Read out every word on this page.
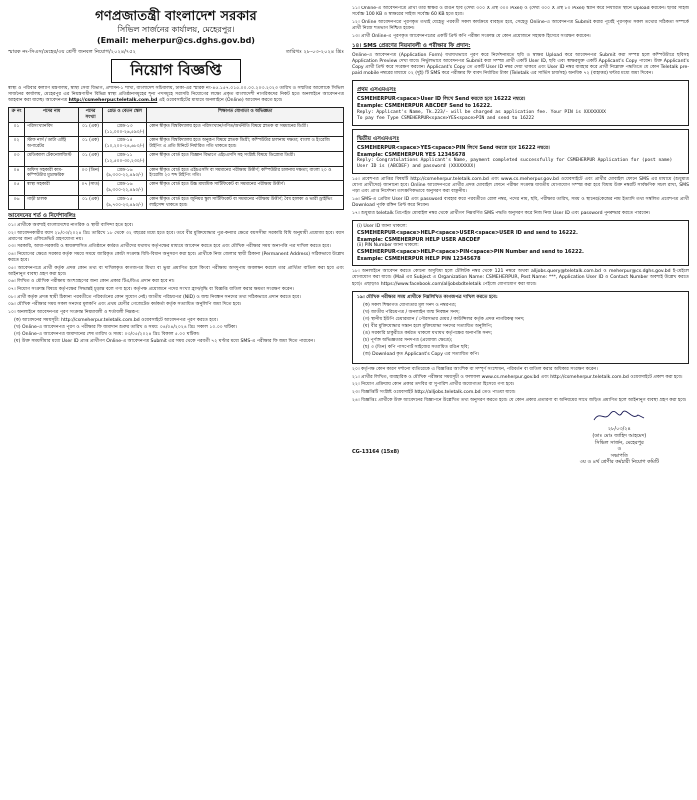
গণপ্রজাতন্ত্রী বাংলাদেশ সরকার
সিভিল সার্জনের কার্যালয়, মেহেরপুর।
(Email: meherpur@cs.dghs.gov.bd)
স্মারক নং-সিএস/মেহের/৩য় শ্রেণী জনবল নিয়োগ/২০২৪/৭৫২	তারিখঃ ২৮-০৩-২০২৪ খ্রিঃ
নিয়োগ বিজ্ঞপ্তি

স্বাস্থ্য ও পরিবার কল্যাণ মন্ত্রণালয়, স্বাস্থ্য সেবা বিভাগ, প্রশাসন-১ শাখা, বাংলাদেশ সচিবালয়, ঢাকা-এর স্মারক নং-৪৫.১৫৭.০১৫.০০.০০.২০৩.২০২৩ তারিখ ও সম্মতির আলোকে সিভিল সার্জনের কার্যালয়, মেহেরপুর এর নিয়ন্ত্রণাধীন বিভিন্ন স্বাস্থ্য প্রতিষ্ঠানসমূহের শূন্য পদসমূহে সরাসরি নিয়োগের লক্ষ্যে প্রকৃত বাংলাদেশী নাগরিকদের নিকট হতে অনলাইনে আবেদনপত্র আহবান করা যাচ্ছে। আবেদনপত্র http://csmeherpur.teletalk.com.bd এই ওয়েবসাইটের মাধ্যমে অনলাইনে (Online) আবেদন করতে হবে।

ক্র নং	পদের নাম	পদের সংখ্যা	গ্রেড ও বেতন স্কেল	শিক্ষাগত যোগ্যতা ও অভিজ্ঞতা
০১	পরিসংখ্যানবিদ	০১ (এক)	গ্রেড-১৩ (১১,০০০-২৬,৫৯০/-)	কোন স্বীকৃত বিশ্ববিদ্যালয় হতে পরিসংখ্যান/গণিত/অর্থনীতি বিষয়ে স্নাতক বা সমমানের ডিগ্রী।
০২	স্টাফ নার্স / ডাটা এন্ট্রি অপারেটর	০১ (এক)	গ্রেড-১৪ (১০,২০০-২৪,৬৮০/-)	কোন স্বীকৃত বিশ্ববিদ্যালয় হতে অনুরূপ বিষয়ে স্নাতক ডিগ্রী; কম্পিউটার চালনায় দক্ষতা; বাংলা ও ইংরেজি টাইপিং এ প্রতি মিনিটে নির্ধারিত গতি থাকতে হবে।
০৩	মেডিক্যাল টেকনোলজিস্ট	০১ (এক)	গ্রেড-১১ (১২,৫০০-৩০,২৩০/-)	কোন স্বীকৃত বোর্ড হতে বিজ্ঞান বিভাগে এইচএসসি সহ সংশ্লিষ্ট বিষয়ে ডিপ্লোমা ডিগ্রী।
০৪	অফিস সহকারী কাম-কম্পিউটার মুদ্রাক্ষরিক	০৩ (তিন)	গ্রেড-১৬ (৯,৩০০-২২,৪৯০/-)	কোন স্বীকৃত বোর্ড হতে এইচএসসি বা সমমানের পরীক্ষায় উত্তীর্ণ; কম্পিউটার চালনায় দক্ষতা; বাংলা ২০ ও ইংরেজি ২০ শব্দ টাইপিং গতি।
০৫	স্বাস্থ্য সহকারী	০৭ (সাত)	গ্রেড-১৬ (৯,৩০০-২২,৪৯০/-)	কোন স্বীকৃত বোর্ড হতে উচ্চ মাধ্যমিক সার্টিফিকেট বা সমমানের পরীক্ষায় উত্তীর্ণ।
০৬	গাড়ী চালক	০১ (এক)	গ্রেড-১৫ (৯,৭০০-২৩,৪৯০/-)	কোন স্বীকৃত বোর্ড হতে জুনিয়র স্কুল সার্টিফিকেট বা সমমানের পরীক্ষায় উত্তীর্ণ; বৈধ হালকা ও ভারী ড্রাইভিং লাইসেন্স থাকতে হবে।
আবেদনের শর্ত ও নির্দেশাবলিঃ

০১। প্রার্থীকে অবশ্যই বাংলাদেশের নাগরিক ও স্থায়ী বাসিন্দা হতে হবে।

০২। আবেদনকারীর বয়স ২৮/০৩/২০২৪ খ্রিঃ তারিখে ১৮ থেকে ৩২ বছরের মধ্যে হতে হবে। তবে বীর মুক্তিযোদ্ধার পুত্র-কন্যার ক্ষেত্রে বয়সসীমা সরকারি বিধি অনুযায়ী প্রযোজ্য হবে। বয়স প্রমাণের জন্য এফিডেভিট গ্রহণযোগ্য নয়।

০৩। সরকারি, আধা-সরকারি ও স্বায়ত্তশাসিত প্রতিষ্ঠানে কর্মরত প্রার্থীদের যথাযথ কর্তৃপক্ষের মাধ্যমে আবেদন করতে হবে এবং মৌখিক পরীক্ষার সময় অনাপত্তি পত্র দাখিল করতে হবে।

০৪। নিয়োগের ক্ষেত্রে সরকার কর্তৃক সময়ে সময়ে জারিকৃত কোটা সংক্রান্ত বিধি-বিধান অনুসরণ করা হবে। প্রার্থীকে নিজ জেলার স্থায়ী ঠিকানা (Permanent Address) সঠিকভাবে উল্লেখ করতে হবে।

০৫। আবেদনপত্রে প্রার্থী কর্তৃক প্রদত্ত কোন তথ্য বা দাখিলকৃত কাগজপত্র মিথ্যা বা ভুয়া প্রমাণিত হলে কিংবা পরীক্ষায় অসদুপায় অবলম্বন করলে তার প্রার্থিতা বাতিল করা হবে এবং আইনানুগ ব্যবস্থা গ্রহণ করা হবে।

০৬। লিখিত ও মৌখিক পরীক্ষায় অংশগ্রহণের জন্য কোন প্রকার টিএ/ডিএ প্রদান করা হবে না।

০৭। নিয়োগ সংক্রান্ত বিষয়ে কর্তৃপক্ষের সিদ্ধান্তই চূড়ান্ত বলে গণ্য হবে। কর্তৃপক্ষ প্রয়োজনে পদের সংখ্যা হ্রাস/বৃদ্ধি বা বিজ্ঞপ্তি বাতিল করার ক্ষমতা সংরক্ষণ করেন।

০৮। প্রার্থী কর্তৃক প্রদত্ত স্থায়ী ঠিকানা পরবর্তীতে পরিবর্তনের কোন সুযোগ নেই। জাতীয় পরিচয়পত্র (NID) ও জন্ম নিবন্ধন সনদের তথ্য সঠিকভাবে প্রদান করতে হবে।

০৯। মৌখিক পরীক্ষার সময় সকল সনদের মূলকপি এবং প্রথম শ্রেণীর গেজেটেড কর্মকর্তা কর্তৃক সত্যায়িত অনুলিপি জমা দিতে হবে।

১০। অনলাইনে আবেদনপত্র পূরণ সংক্রান্ত নিয়মাবলী ও শর্তাবলী নিম্নরূপ:

(ক) আবেদনের সময়সূচী: http://csmeherpur.teletalk.com.bd ওয়েবসাইটে আবেদনপত্র পূরণ করতে হবে।

(খ) Online-এ আবেদনপত্র পূরণ ও পরীক্ষার ফি জমাদান শুরুর তারিখ ও সময়: ০৪/০৪/২০২৪ খ্রিঃ সকাল ১০.০০ ঘটিকা।

(গ) Online-এ আবেদনপত্র জমাদানের শেষ তারিখ ও সময়: ০৩/০৫/২০২৪ খ্রিঃ বিকাল ৫.০০ ঘটিকা।

(ঘ) উক্ত সময়সীমার মধ্যে User ID প্রাপ্ত প্রার্থীগণ Online-এ আবেদনপত্র Submit এর সময় থেকে পরবর্তী ৭২ ঘণ্টার মধ্যে SMS-এ পরীক্ষার ফি জমা দিতে পারবেন।

১১। Online-এ আবেদনপত্রে প্রার্থী তার স্বাক্ষর ও রঙিন ছবি (দৈর্ঘ্য ৩০০ X প্রস্থ ৩০০ Pixel) ও (দৈর্ঘ্য ৩০০ X প্রস্থ ৮০ Pixel) স্ক্যান করে নির্ধারিত স্থানে Upload করবেন। ছবির সাইজ সর্বোচ্চ 100 KB ও স্বাক্ষরের সাইজ সর্বোচ্চ 60 KB হতে হবে।

১২। Online আবেদনপত্রে পূরণকৃত তথ্যই যেহেতু পরবর্তী সকল কার্যক্রমে ব্যবহৃত হবে, সেহেতু Online-এ আবেদনপত্র Submit করার পূর্বেই পূরণকৃত সকল তথ্যের সঠিকতা সম্পর্কে প্রার্থী নিজে শতভাগ নিশ্চিত হবেন।

১৩। প্রার্থী Online-এ পূরণকৃত আবেদনপত্রের একটি প্রিন্ট কপি পরীক্ষা সংক্রান্ত যে কোন প্রয়োজনে সহায়ক হিসেবে সংরক্ষণ করবেন।

১৪। SMS প্রেরণের নিয়মাবলী ও পরীক্ষার ফি প্রদান:

Online-এ আবেদনপত্র (Application Form) যথাযথভাবে পূরণ করে নির্দেশনামতে ছবি ও স্বাক্ষর Upload করে আবেদনপত্র Submit করা সম্পন্ন হলে কম্পিউটারে ছবিসহ Application Preview দেখা যাবে। নির্ভুলভাবে আবেদনপত্র Submit করা সম্পন্ন প্রার্থী একটি User ID, ছবি এবং স্বাক্ষরযুক্ত একটি Applicant's Copy পাবেন। উক্ত Applicant's Copy প্রার্থী প্রিন্ট করে সংরক্ষণ করবেন। Applicant's Copy তে একটি User ID নম্বর দেয়া থাকবে এবং User ID নম্বর ব্যবহার করে প্রার্থী নিম্নোক্ত পদ্ধতিতে যে কোন Teletalk pre-paid mobile নম্বরের মাধ্যমে ০২ (দুই) টি SMS করে পরীক্ষার ফি বাবদ নির্ধারিত টাকা (Teletalk এর সার্ভিস চার্জসহ) অনধিক ৭২ (বাহাত্তর) ঘন্টার মধ্যে জমা দিবেন।

প্রথম এসএমএসঃ
CSMEHERPUR<space>User ID লিখে Send করতে হবে 16222 নম্বরে।
Example: CSMEHERPUR ABCDEF Send to 16222.
Reply: Applicant's Name, Tk.223/- will be charged as application fee. Your PIN is XXXXXXXX
To pay fee Type CSMEHERPUR<space>YES<space>PIN and send to 16222
দ্বিতীয় এসএমএসঃ
CSMEHERPUR<space>YES<space>PIN লিখে Send করতে হবে 16222 নম্বরে।
Example: CSMEHERPUR YES 12345678
Reply: Congratulations Applicant's Name, payment completed successfully for CSMEHERPUR Application for (post name) User ID is (ABCDEF) and password (XXXXXXXX)

১৫। প্রবেশপত্র প্রাপ্তির বিষয়টি http://csmeherpur.teletalk.com.bd এবং www.cs.meherpur.gov.bd ওয়েবসাইটে এবং প্রার্থীর মোবাইল ফোনে SMS এর মাধ্যমে (শুধুমাত্র যোগ্য প্রার্থীদের) জানানো হবে। Online আবেদনপত্রে প্রার্থীর প্রদত্ত মোবাইল ফোনে পরীক্ষা সংক্রান্ত যাবতীয় যোগাযোগ সম্পন্ন করা হবে বিধায় উক্ত নম্বরটি সার্বক্ষণিক সচল রাখা, SMS পড়া এবং প্রাপ্ত নির্দেশনা তাৎক্ষণিকভাবে অনুসরণ করা বাঞ্ছনীয়।

১৬। SMS-এ প্রেরিত User ID এবং password ব্যবহার করে পরবর্তীতে রোল নম্বর, পদের নাম, ছবি, পরীক্ষার তারিখ, সময় ও স্থানের/কেন্দ্রের নাম ইত্যাদি তথ্য সম্বলিত প্রবেশপত্র প্রার্থী Download পূর্বক রঙ্গিন প্রিন্ট করে নিবেন।

১৭। শুধুমাত্র teletalk প্রিপেইড মোবাইল নম্বর থেকে প্রার্থীগণ নিম্নবর্ণিত SMS পদ্ধতি অনুসরণ করে নিজ নিজ User ID এবং password পুনরুদ্ধার করতে পারবেন।

(i) User ID জানা থাকলে:
CSMEHERPUR<space>HELP<space>USER<space>USER ID and send to 16222.
Example: CSMEHERPUR HELP USER ABCDEF
(ii) PIN Number জানা থাকলে:
CSMEHERPUR<space>HELP<space>PIN<space>PIN Number and send to 16222.
Example: CSMEHERPUR HELP PIN 12345678

১৮। অনলাইনে আবেদন করতে কোনো অসুবিধা হলে টেলিটক নম্বর থেকে 121 নম্বরে অথবা alljobs.query@teletalk.com.bd ও meherpur@cs.dghs.gov.bd ই-মেইলে যোগাযোগ করা যাবে। (Mail এর Subject এ Organization Name: CSMEHERPUR, Post Name: ***, Application User ID ও Contact Number অবশ্যই উল্লেখ করতে হবে)। এছাড়াও https://www.facebook.com/alljobsbdteletalk পেইজে যোগাযোগ করা যাবে।

১৯। মৌখিক পরীক্ষার সময় প্রার্থীকে নিম্নলিখিত কাগজপত্র দাখিল করতে হবে:

(ক) সকল শিক্ষাগত যোগ্যতার মূল সনদ ও নম্বরপত্র;

(খ) জাতীয় পরিচয়পত্র / অনলাইন জন্ম নিবন্ধন সনদ;

(গ) স্থানীয় ইউপি চেয়ারম্যান / পৌরসভার মেয়র / কাউন্সিলর কর্তৃক প্রদত্ত নাগরিকত্ব সনদ;

(ঘ) বীর মুক্তিযোদ্ধার সন্তান হলে মুক্তিযোদ্ধা সনদের সত্যায়িত অনুলিপি;

(ঙ) সরকারি চাকুরীতে কর্মরত থাকলে যথাযথ কর্তৃপক্ষের অনাপত্তি সনদ;

(চ) পূর্ণাঙ্গ অভিজ্ঞতার সনদপত্র (প্রযোজ্য ক্ষেত্রে);

(ছ) ৩ (তিন) কপি পাসপোর্ট সাইজের সত্যায়িত রঙিন ছবি;

(জ) Download কৃত Applicant's Copy এর সত্যায়িত কপি।

২০। কর্তৃপক্ষ কোন কারণ দর্শানো ব্যতিরেকে এ বিজ্ঞপ্তির আংশিক বা সম্পূর্ণ সংশোধন, পরিবর্তন বা বাতিল করার অধিকার সংরক্ষণ করেন।

২১। প্রার্থীর লিখিত, ব্যবহারিক ও মৌখিক পরীক্ষার সময়সূচী ও ফলাফল www.cs.meherpur.gov.bd এবং http://csmeherpur.teletalk.com.bd ওয়েবসাইটে প্রকাশ করা হবে।

২২। নিয়োগ প্রক্রিয়ায় কোন প্রকার তদবির বা সুপারিশ প্রার্থীর অযোগ্যতা হিসেবে গণ্য হবে।

২৩। বিজ্ঞপ্তিটি সংশ্লিষ্ট ওয়েবসাইট http://alljobs.teletalk.com.bd তেও পাওয়া যাবে।

২৪। বিজ্ঞপ্তিঃ প্রার্থীকে উক্ত আবেদনের বিজ্ঞাপনে উল্লেখিত তথ্য অনুসরণ করতে হবে। যে কোন প্রকার প্রতারণা বা অনিয়মের সাথে জড়িত প্রমাণিত হলে আইনানুগ ব্যবস্থা গ্রহণ করা হবে।

২৮/০৩/২৪
(ডাঃ মোঃ জাহিদ আহমেদ)
সিভিল সার্জন, মেহেরপুর
ও
সভাপতি
৩য় ও ৪র্থ শ্রেণীর কর্মচারী নিয়োগ কমিটি
CG-13164 (15x8)
